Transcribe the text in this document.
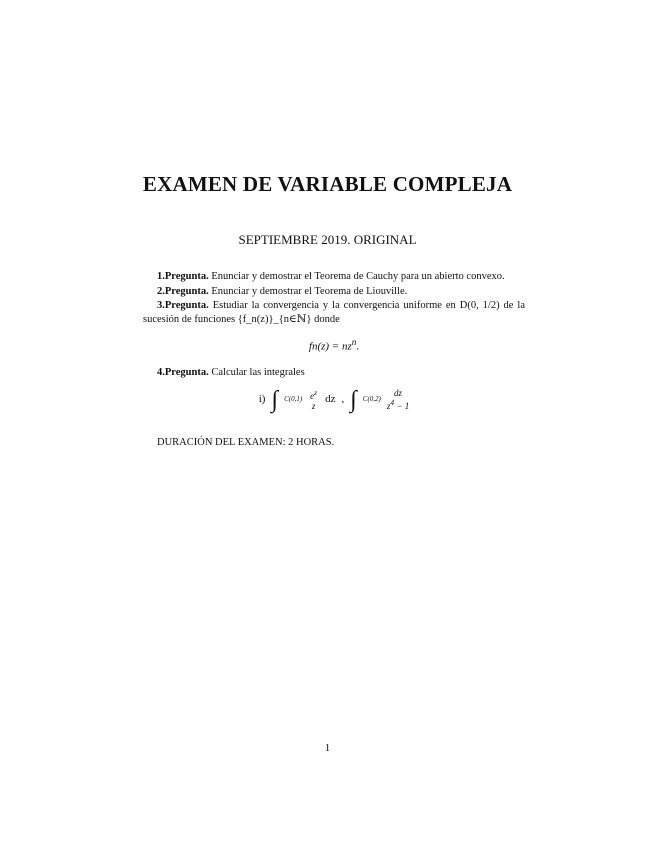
EXAMEN DE VARIABLE COMPLEJA
SEPTIEMBRE 2019. ORIGINAL

1.Pregunta. Enunciar y demostrar el Teorema de Cauchy para un abierto convexo.

2.Pregunta. Enunciar y demostrar el Teorema de Liouville.

3.Pregunta. Estudiar la convergencia y la convergencia uniforme en D(0, 1/2) de la sucesión de funciones {f_n(z)}_{n∈ℕ} donde

$fn(z) = nz^n$.

4.Pregunta. Calcular las integrales

i) ∫ C(0,1) $e^z$
z
dz , ∫ C(0,2)
dz
$z^4 - 1$

DURACIÓN DEL EXAMEN: 2 HORAS.

1
